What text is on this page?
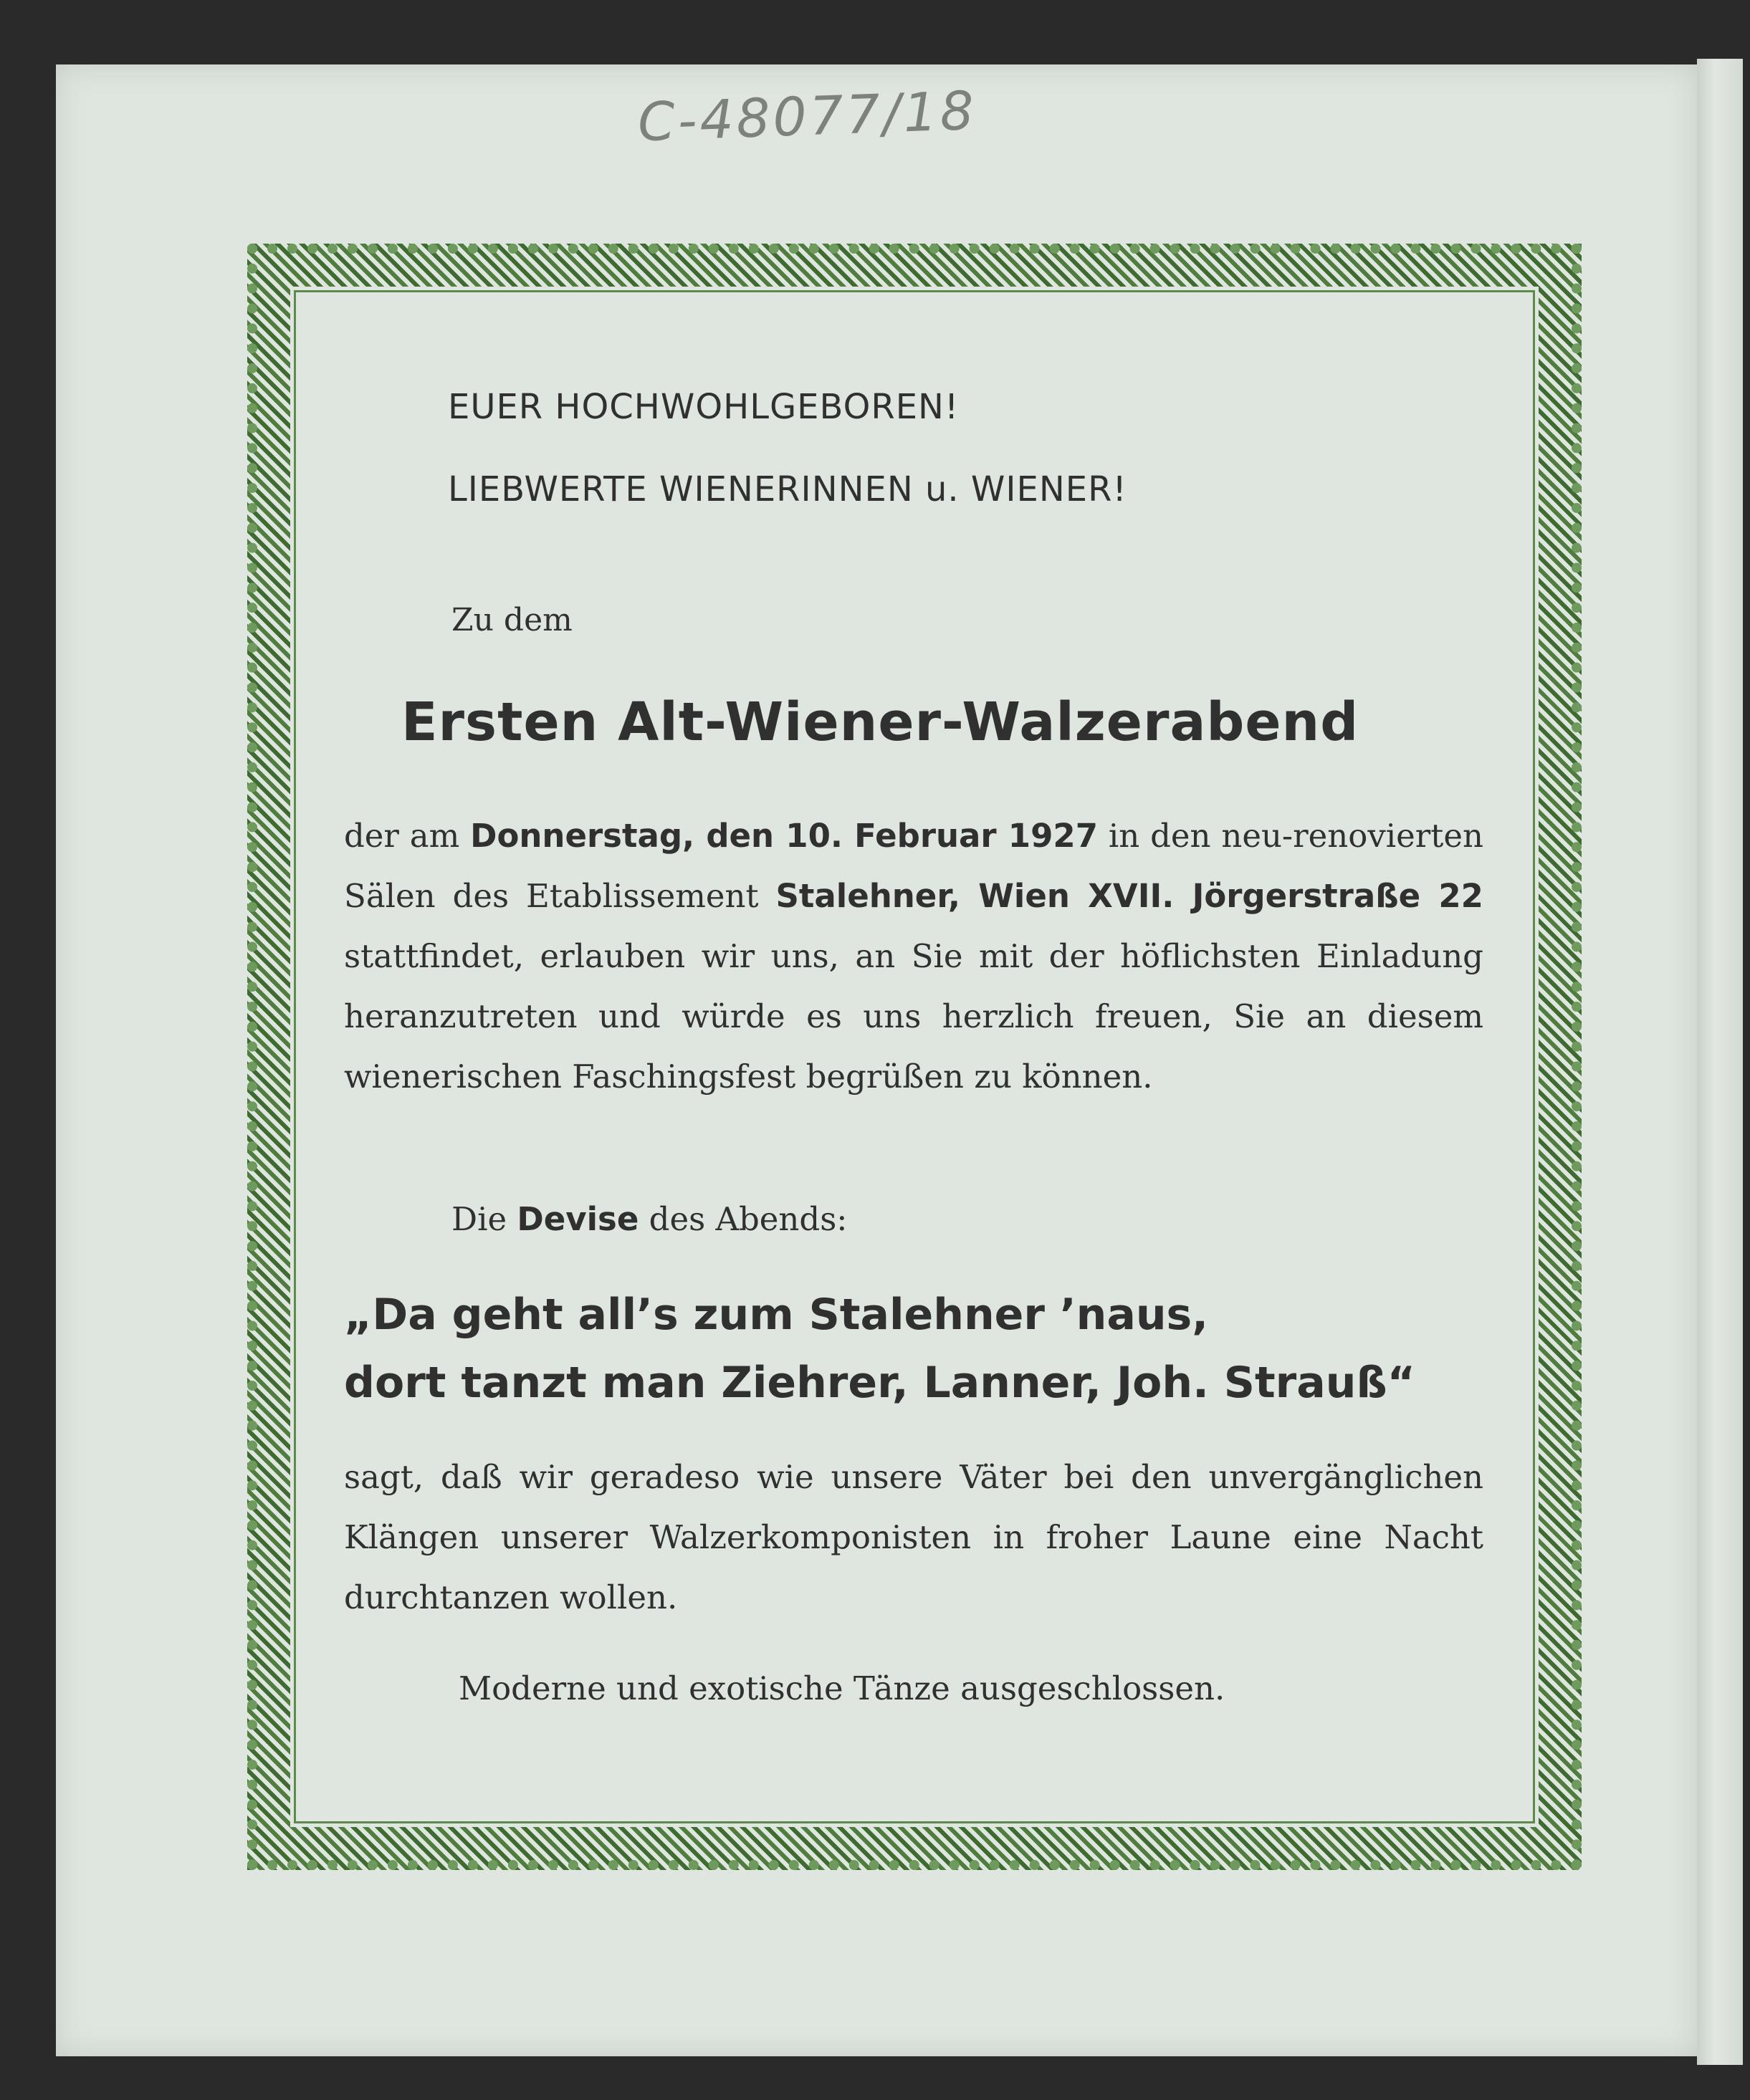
C-48077/18
EUER HOCHWOHLGEBOREN!
LIEBWERTE WIENERINNEN u. WIENER!
Zu dem
Ersten Alt-Wiener-Walzerabend
der am Donnerstag, den 10. Februar 1927 in den neu-renovierten Sälen des Etablissement Stalehner, Wien XVII. Jörgerstraße 22 stattfindet, erlauben wir uns, an Sie mit der höflichsten Einladung heranzutreten und würde es uns herzlich freuen, Sie an diesem wienerischen Faschingsfest begrüßen zu können.
Die Devise des Abends:
„Da geht all’s zum Stalehner ’naus,
dort tanzt man Ziehrer, Lanner, Joh. Strauß“
sagt, daß wir geradeso wie unsere Väter bei den unvergänglichen Klängen unserer Walzerkomponisten in froher Laune eine Nacht durchtanzen wollen.
Moderne und exotische Tänze ausgeschlossen.
